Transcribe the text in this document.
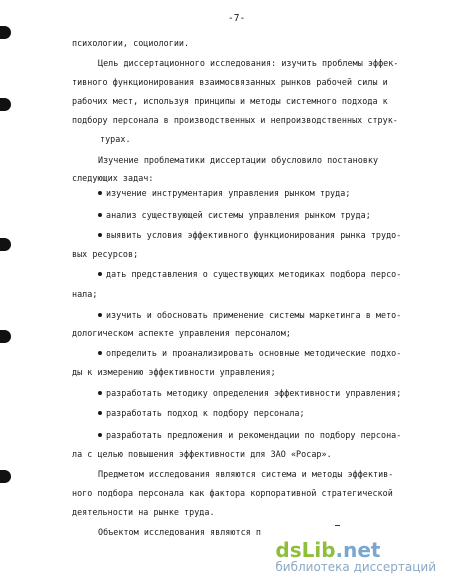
-7-
психологии, социологии.
Цель диссертационного исследования: изучить проблемы эффек-
тивного функционирования взаимосвязанных рынков рабочей силы и
рабочих мест, используя принципы и методы системного подхода к
подбору персонала в производственных и непроизводственных струк-
турах.
Изучение проблематики диссертации обусловило постановку
следующих задач:
изучение инструментария управления рынком труда;
анализ существующей системы управления рынком труда;
выявить условия эффективного функционирования рынка трудо-
вых ресурсов;
дать представления о существующих методиках подбора персо-
нала;
изучить и обосновать применение системы маркетинга в мето-
дологическом аспекте управления персоналом;
определить и проанализировать основные методические подхо-
ды к измерению эффективности управления;
разработать методику определения эффективности управления;
разработать подход к подбору персонала;
разработать предложения и рекомендации по подбору персона-
ла с целью повышения эффективности для ЗАО «Росар».
Предметом исследования являются система и методы эффектив-
ного подбора персонала как фактора корпоративной стратегической
деятельности на рынке труда.
Объектом исследования являются п
dsLib.net
библиотека диссертаций
